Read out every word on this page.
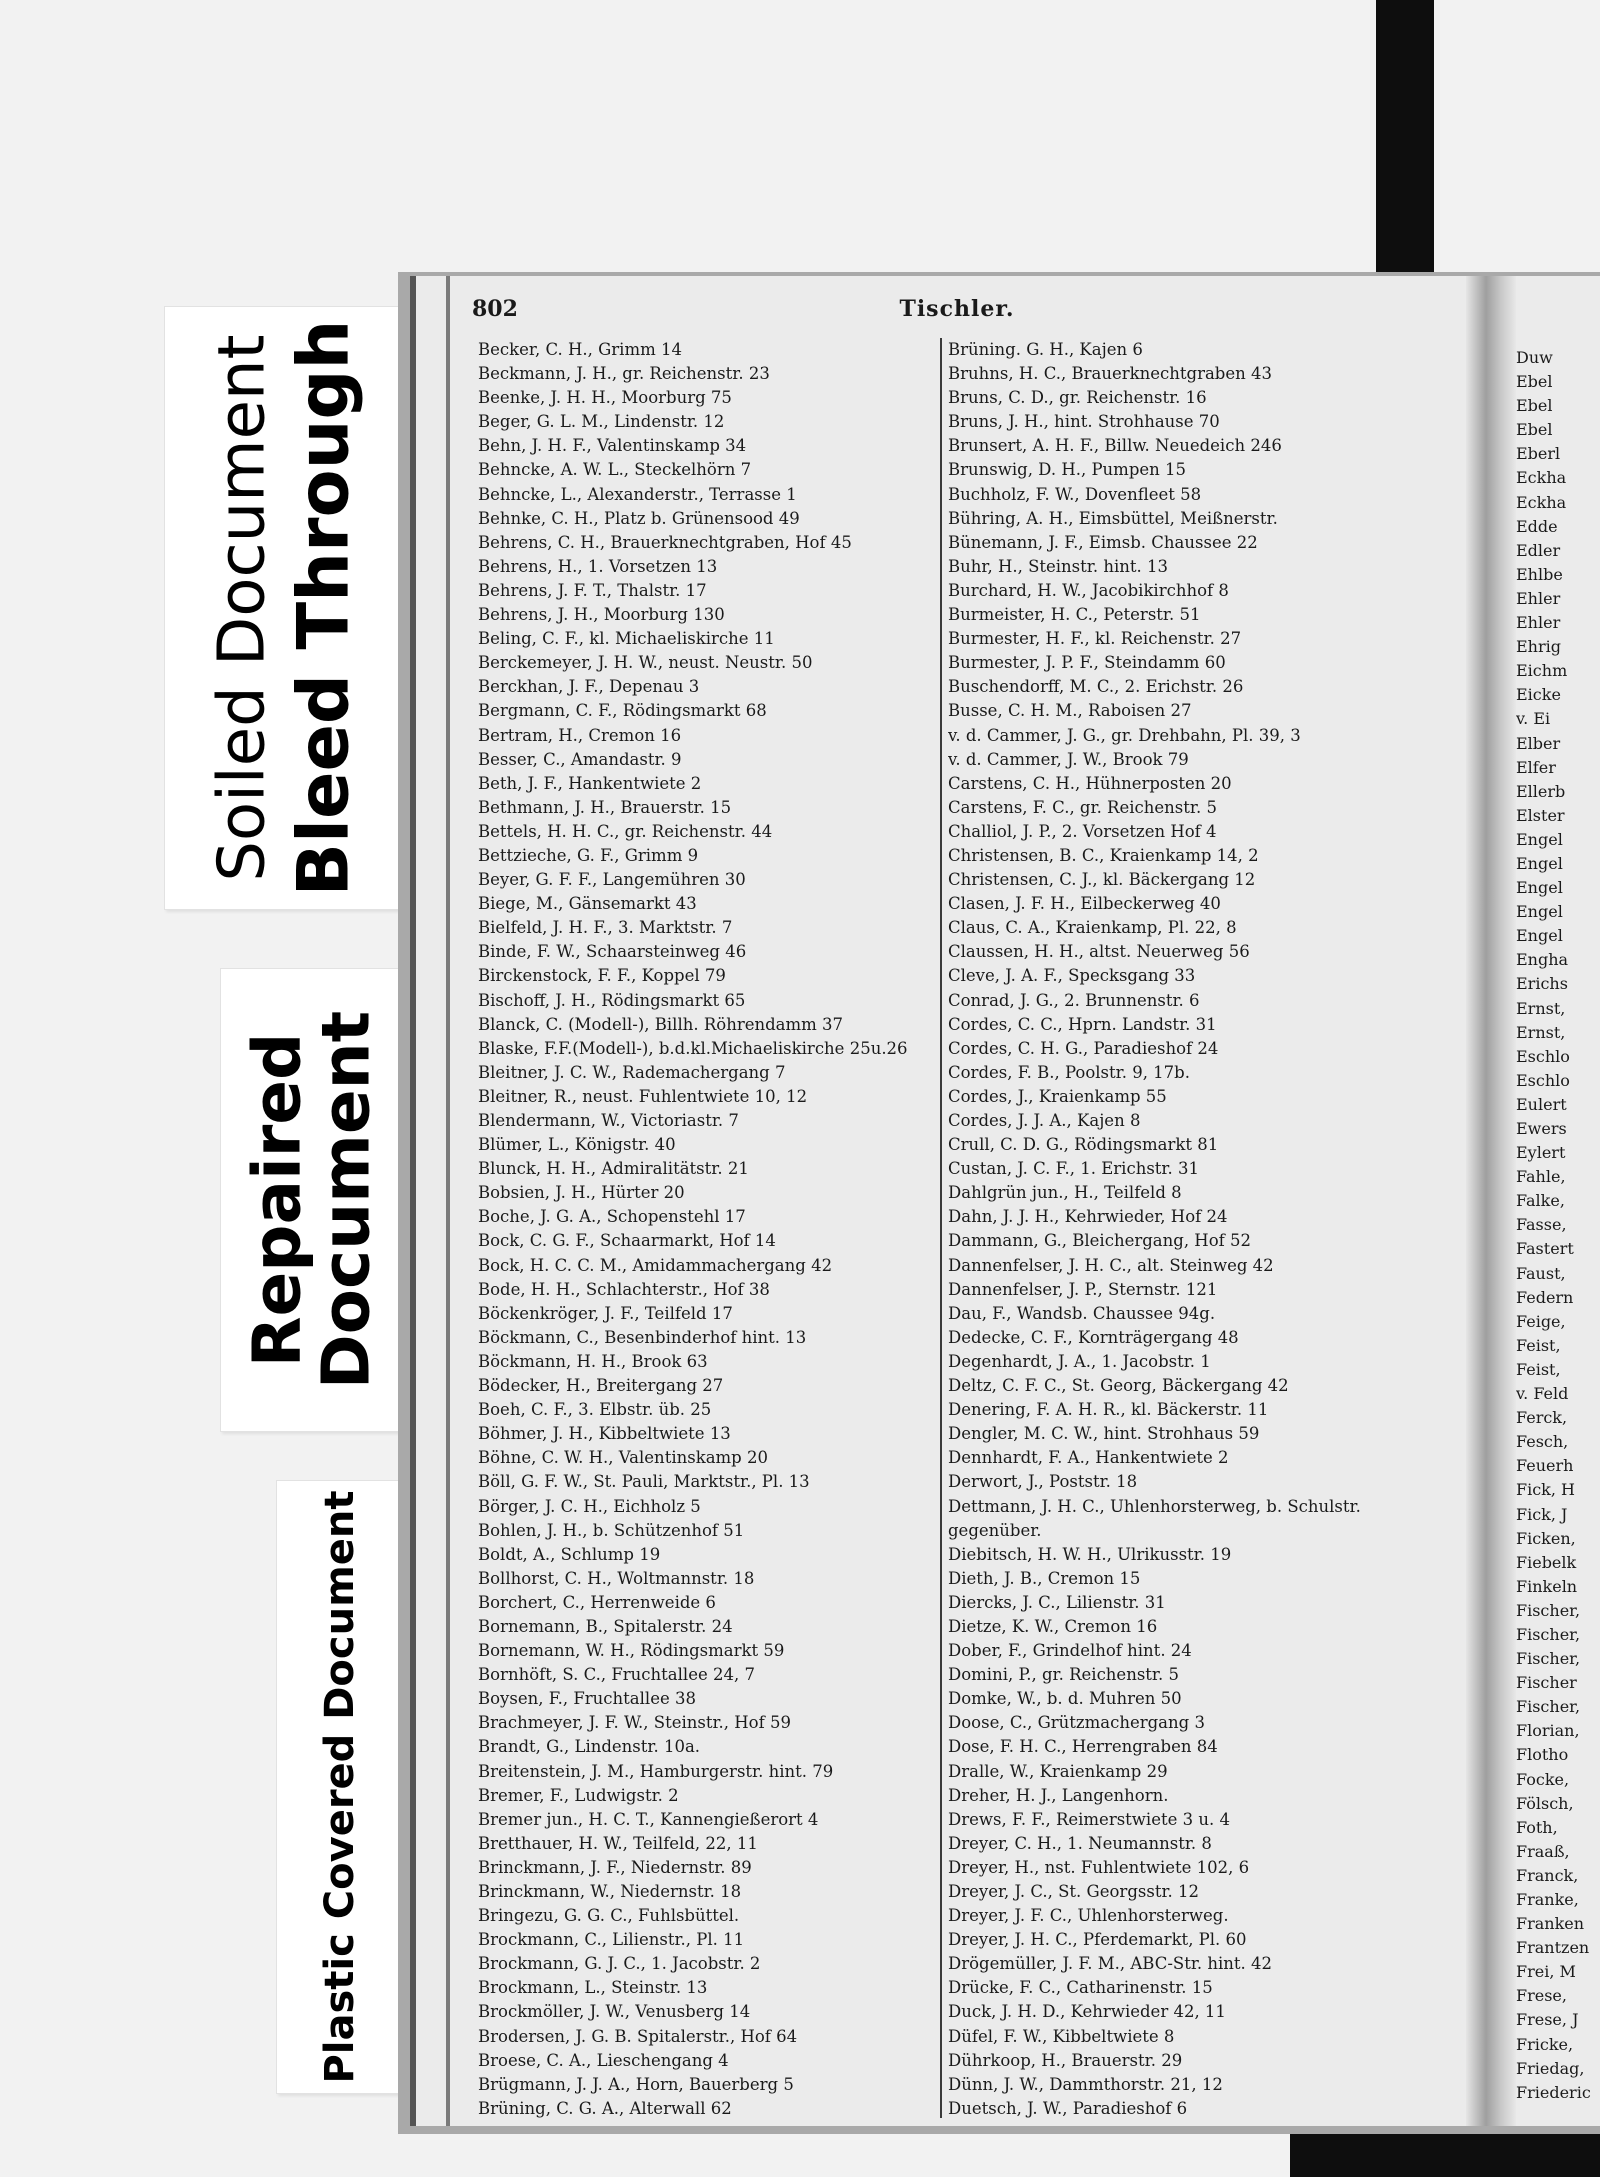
Soiled Document Bleed Through
Repaired
Document
Plastic Covered Document
802	Tischler.
Becker, C. H., Grimm 14
Beckmann, J. H., gr. Reichenstr. 23
Beenke, J. H. H., Moorburg 75
Beger, G. L. M., Lindenstr. 12
Behn, J. H. F., Valentinskamp 34
Behncke, A. W. L., Steckelhörn 7
Behncke, L., Alexanderstr., Terrasse 1
Behnke, C. H., Platz b. Grünensood 49
Behrens, C. H., Brauerknechtgraben, Hof 45
Behrens, H., 1. Vorsetzen 13
Behrens, J. F. T., Thalstr. 17
Behrens, J. H., Moorburg 130
Beling, C. F., kl. Michaeliskirche 11
Berckemeyer, J. H. W., neust. Neustr. 50
Berckhan, J. F., Depenau 3
Bergmann, C. F., Rödingsmarkt 68
Bertram, H., Cremon 16
Besser, C., Amandastr. 9
Beth, J. F., Hankentwiete 2
Bethmann, J. H., Brauerstr. 15
Bettels, H. H. C., gr. Reichenstr. 44
Bettzieche, G. F., Grimm 9
Beyer, G. F. F., Langemühren 30
Biege, M., Gänsemarkt 43
Bielfeld, J. H. F., 3. Marktstr. 7
Binde, F. W., Schaarsteinweg 46
Birckenstock, F. F., Koppel 79
Bischoff, J. H., Rödingsmarkt 65
Blanck, C. (Modell-), Billh. Röhrendamm 37
Blaske, F.F.(Modell-), b.d.kl.Michaeliskirche 25u.26
Bleitner, J. C. W., Rademachergang 7
Bleitner, R., neust. Fuhlentwiete 10, 12
Blendermann, W., Victoriastr. 7
Blümer, L., Königstr. 40
Blunck, H. H., Admiralitätstr. 21
Bobsien, J. H., Hürter 20
Boche, J. G. A., Schopenstehl 17
Bock, C. G. F., Schaarmarkt, Hof 14
Bock, H. C. C. M., Amidammachergang 42
Bode, H. H., Schlachterstr., Hof 38
Böckenkröger, J. F., Teilfeld 17
Böckmann, C., Besenbinderhof hint. 13
Böckmann, H. H., Brook 63
Bödecker, H., Breitergang 27
Boeh, C. F., 3. Elbstr. üb. 25
Böhmer, J. H., Kibbeltwiete 13
Böhne, C. W. H., Valentinskamp 20
Böll, G. F. W., St. Pauli, Marktstr., Pl. 13
Börger, J. C. H., Eichholz 5
Bohlen, J. H., b. Schützenhof 51
Boldt, A., Schlump 19
Bollhorst, C. H., Woltmannstr. 18
Borchert, C., Herrenweide 6
Bornemann, B., Spitalerstr. 24
Bornemann, W. H., Rödingsmarkt 59
Bornhöft, S. C., Fruchtallee 24, 7
Boysen, F., Fruchtallee 38
Brachmeyer, J. F. W., Steinstr., Hof 59
Brandt, G., Lindenstr. 10a.
Breitenstein, J. M., Hamburgerstr. hint. 79
Bremer, F., Ludwigstr. 2
Bremer jun., H. C. T., Kannengießerort 4
Bretthauer, H. W., Teilfeld, 22, 11
Brinckmann, J. F., Niedernstr. 89
Brinckmann, W., Niedernstr. 18
Bringezu, G. G. C., Fuhlsbüttel.
Brockmann, C., Lilienstr., Pl. 11
Brockmann, G. J. C., 1. Jacobstr. 2
Brockmann, L., Steinstr. 13
Brockmöller, J. W., Venusberg 14
Brodersen, J. G. B. Spitalerstr., Hof 64
Broese, C. A., Lieschengang 4
Brügmann, J. J. A., Horn, Bauerberg 5
Brüning, C. G. A., Alterwall 62
Brüning. G. H., Kajen 6
Bruhns, H. C., Brauerknechtgraben 43
Bruns, C. D., gr. Reichenstr. 16
Bruns, J. H., hint. Strohhause 70
Brunsert, A. H. F., Billw. Neuedeich 246
Brunswig, D. H., Pumpen 15
Buchholz, F. W., Dovenfleet 58
Bühring, A. H., Eimsbüttel, Meißnerstr.
Bünemann, J. F., Eimsb. Chaussee 22
Buhr, H., Steinstr. hint. 13
Burchard, H. W., Jacobikirchhof 8
Burmeister, H. C., Peterstr. 51
Burmester, H. F., kl. Reichenstr. 27
Burmester, J. P. F., Steindamm 60
Buschendorff, M. C., 2. Erichstr. 26
Busse, C. H. M., Raboisen 27
v. d. Cammer, J. G., gr. Drehbahn, Pl. 39, 3
v. d. Cammer, J. W., Brook 79
Carstens, C. H., Hühnerposten 20
Carstens, F. C., gr. Reichenstr. 5
Challiol, J. P., 2. Vorsetzen Hof 4
Christensen, B. C., Kraienkamp 14, 2
Christensen, C. J., kl. Bäckergang 12
Clasen, J. F. H., Eilbeckerweg 40
Claus, C. A., Kraienkamp, Pl. 22, 8
Claussen, H. H., altst. Neuerweg 56
Cleve, J. A. F., Specksgang 33
Conrad, J. G., 2. Brunnenstr. 6
Cordes, C. C., Hprn. Landstr. 31
Cordes, C. H. G., Paradieshof 24
Cordes, F. B., Poolstr. 9, 17b.
Cordes, J., Kraienkamp 55
Cordes, J. J. A., Kajen 8
Crull, C. D. G., Rödingsmarkt 81
Custan, J. C. F., 1. Erichstr. 31
Dahlgrün jun., H., Teilfeld 8
Dahn, J. J. H., Kehrwieder, Hof 24
Dammann, G., Bleichergang, Hof 52
Dannenfelser, J. H. C., alt. Steinweg 42
Dannenfelser, J. P., Sternstr. 121
Dau, F., Wandsb. Chaussee 94g.
Dedecke, C. F., Kornträgergang 48
Degenhardt, J. A., 1. Jacobstr. 1
Deltz, C. F. C., St. Georg, Bäckergang 42
Denering, F. A. H. R., kl. Bäckerstr. 11
Dengler, M. C. W., hint. Strohhaus 59
Dennhardt, F. A., Hankentwiete 2
Derwort, J., Poststr. 18
Dettmann, J. H. C., Uhlenhorsterweg, b. Schulstr.
gegenüber.
Diebitsch, H. W. H., Ulrikusstr. 19
Dieth, J. B., Cremon 15
Diercks, J. C., Lilienstr. 31
Dietze, K. W., Cremon 16
Dober, F., Grindelhof hint. 24
Domini, P., gr. Reichenstr. 5
Domke, W., b. d. Muhren 50
Doose, C., Grützmachergang 3
Dose, F. H. C., Herrengraben 84
Dralle, W., Kraienkamp 29
Dreher, H. J., Langenhorn.
Drews, F. F., Reimerstwiete 3 u. 4
Dreyer, C. H., 1. Neumannstr. 8
Dreyer, H., nst. Fuhlentwiete 102, 6
Dreyer, J. C., St. Georgsstr. 12
Dreyer, J. F. C., Uhlenhorsterweg.
Dreyer, J. H. C., Pferdemarkt, Pl. 60
Drögemüller, J. F. M., ABC-Str. hint. 42
Drücke, F. C., Catharinenstr. 15
Duck, J. H. D., Kehrwieder 42, 11
Düfel, F. W., Kibbeltwiete 8
Dührkoop, H., Brauerstr. 29
Dünn, J. W., Dammthorstr. 21, 12
Duetsch, J. W., Paradieshof 6
Duw
Ebel
Ebel
Ebel
Eberl
Eckha
Eckha
Edde
Edler
Ehlbe
Ehler
Ehler
Ehrig
Eichm
Eicke
v. Ei
Elber
Elfer
Ellerb
Elster
Engel
Engel
Engel
Engel
Engel
Engha
Erichs
Ernst,
Ernst,
Eschlo
Eschlo
Eulert
Ewers
Eylert
Fahle,
Falke,
Fasse,
Fastert
Faust,
Federn
Feige,
Feist,
Feist,
v. Feld
Ferck,
Fesch,
Feuerh
Fick, H
Fick, J
Ficken,
Fiebelk
Finkeln
Fischer,
Fischer,
Fischer,
Fischer
Fischer,
Florian,
Flotho
Focke,
Fölsch,
Foth,
Fraaß,
Franck,
Franke,
Franken
Frantzen
Frei, M
Frese,
Frese, J
Fricke,
Friedag,
Friederic
